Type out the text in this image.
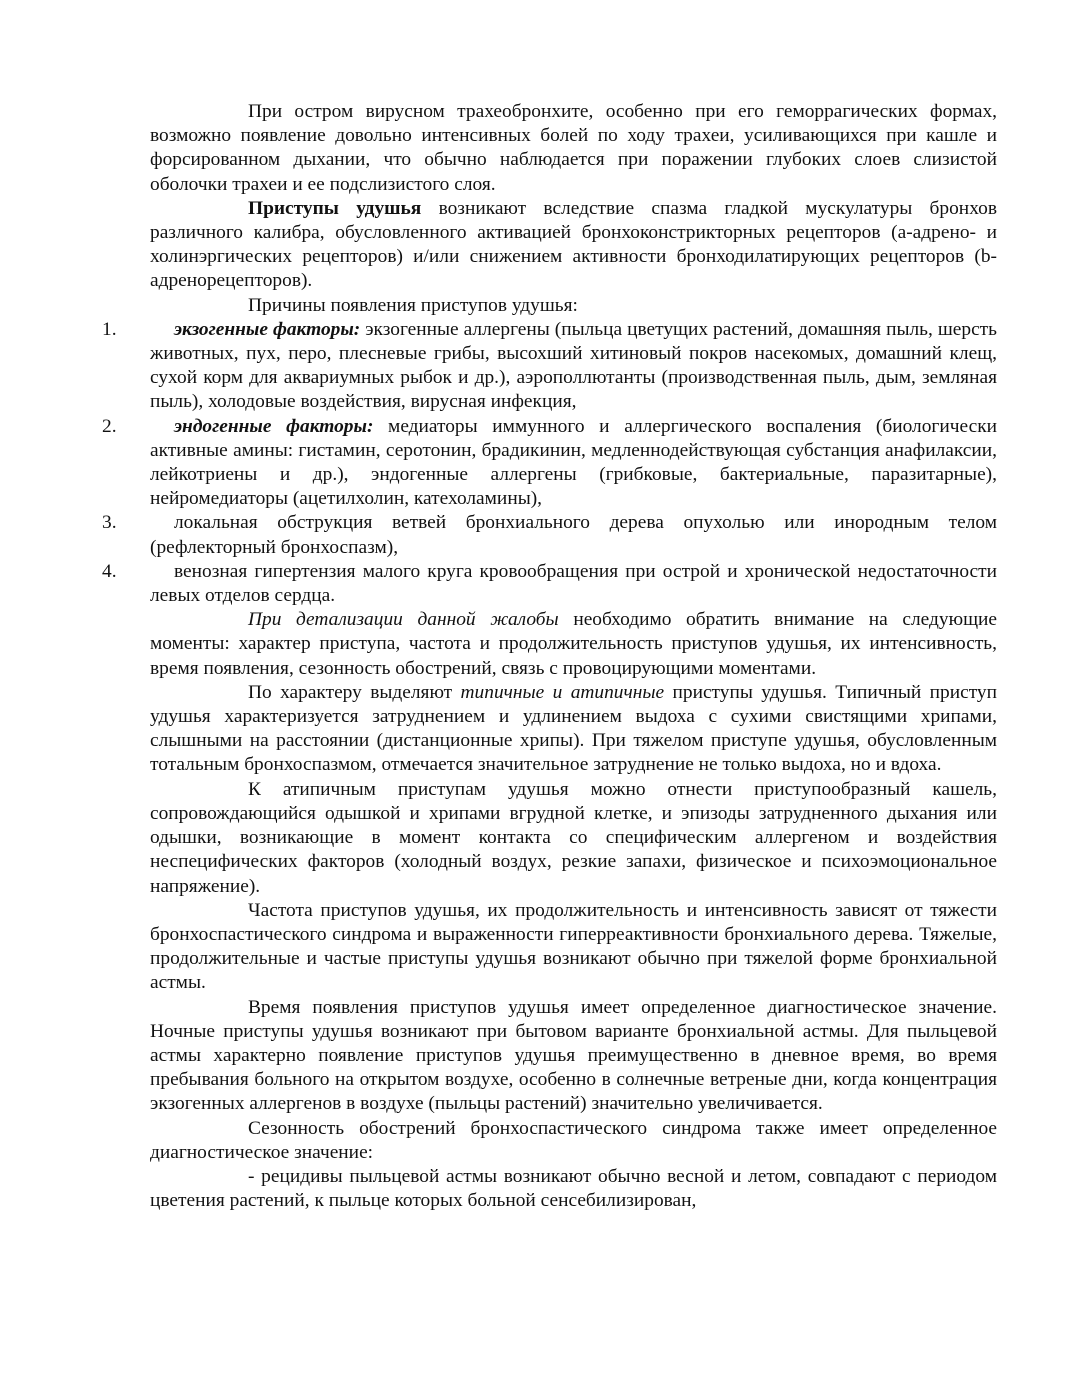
При остром вирусном трахеобронхите, особенно при его геморрагических формах, возможно появление довольно интенсивных болей по ходу трахеи, усиливающихся при кашле и форсированном дыхании, что обычно наблюдается при поражении глубоких слоев слизистой оболочки трахеи и ее подслизистого слоя.

Приступы удушья возникают вследствие спазма гладкой мускулатуры бронхов различного калибра, обусловленного активацией бронхоконстрикторных рецепторов (а-адрено- и холинэргических рецепторов) и/или снижением активности бронходилатирующих рецепторов (b-адренорецепторов).

Причины появления приступов удушья:

1.	экзогенные факторы: экзогенные аллергены (пыльца цветущих растений, домашняя пыль, шерсть животных, пух, перо, плесневые грибы, высохший хитиновый покров насекомых, домашний клещ, сухой корм для аквариумных рыбок и др.), аэрополлютанты (производственная пыль, дым, земляная пыль), холодовые воздействия, вирусная инфекция,

2.	эндогенные факторы: медиаторы иммунного и аллергического воспаления (биологически активные амины: гистамин, серотонин, брадикинин, медленнодействующая субстанция анафилаксии, лейкотриены и др.), эндогенные аллергены (грибковые, бактериальные, паразитарные), нейромедиаторы (ацетилхолин, катехоламины),

3.	локальная обструкция ветвей бронхиального дерева опухолью или инородным телом (рефлекторный бронхоспазм),

4.	венозная гипертензия малого круга кровообращения при острой и хронической недостаточности левых отделов сердца.

При детализации данной жалобы необходимо обратить внимание на следующие моменты: характер приступа, частота и продолжительность приступов удушья, их интенсивность, время появления, сезонность обострений, связь с провоцирующими моментами.

По характеру выделяют типичные и атипичные приступы удушья. Типичный приступ удушья характеризуется затруднением и удлинением выдоха с сухими свистящими хрипами, слышными на расстоянии (дистанционные хрипы). При тяжелом приступе удушья, обусловленным тотальным бронхоспазмом, отмечается значительное затруднение не только выдоха, но и вдоха.

К атипичным приступам удушья можно отнести приступообразный кашель, сопровождающийся одышкой и хрипами вгрудной клетке, и эпизоды затрудненного дыхания или одышки, возникающие в момент контакта со специфическим аллергеном и воздействия неспецифических факторов (холодный воздух, резкие запахи, физическое и психоэмоциональное напряжение).

Частота приступов удушья, их продолжительность и интенсивность зависят от тяжести бронхоспастического синдрома и выраженности гиперреактивности бронхиального дерева. Тяжелые, продолжительные и частые приступы удушья возникают обычно при тяжелой форме бронхиальной астмы.

Время появления приступов удушья имеет определенное диагностическое значение. Ночные приступы удушья возникают при бытовом варианте бронхиальной астмы. Для пыльцевой астмы характерно появление приступов удушья преимущественно в дневное время, во время пребывания больного на открытом воздухе, особенно в солнечные ветреные дни, когда концентрация экзогенных аллергенов в воздухе (пыльцы растений) значительно увеличивается.

Сезонность обострений бронхоспастического синдрома также имеет определенное диагностическое значение:

- рецидивы пыльцевой астмы возникают обычно весной и летом, совпадают с периодом цветения растений, к пыльце которых больной сенсебилизирован,
